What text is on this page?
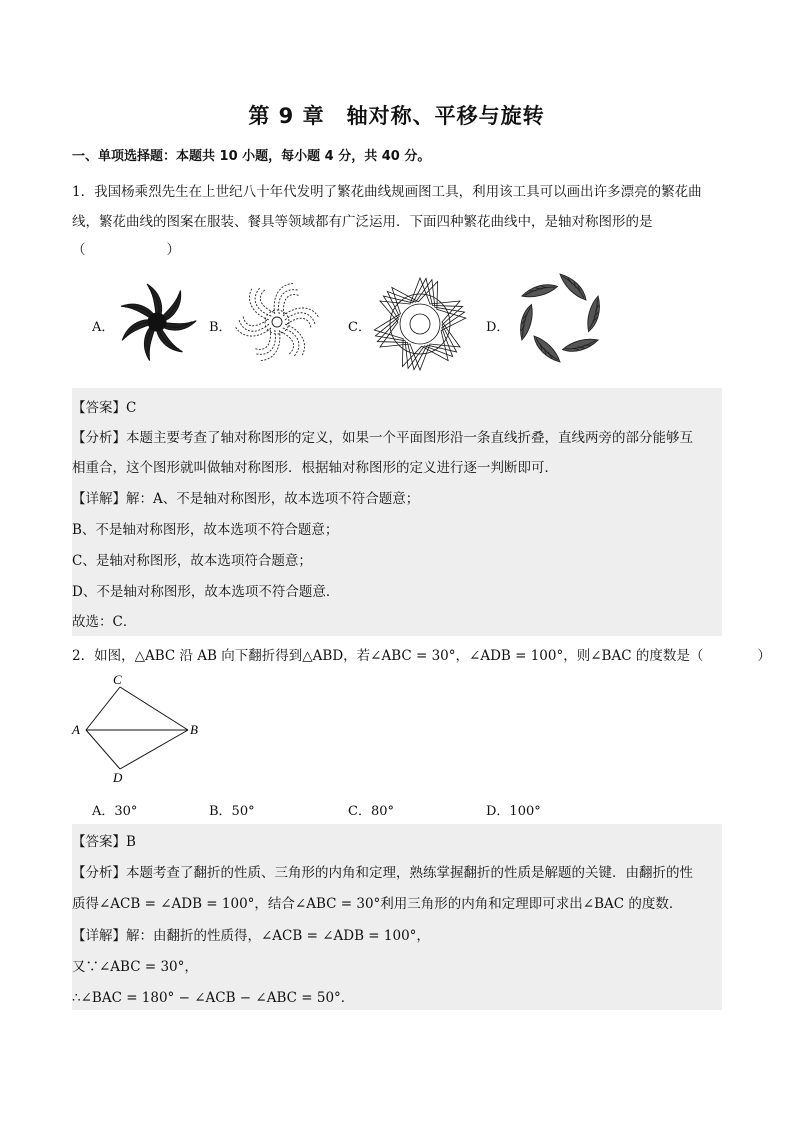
第 9 章 轴对称、平移与旋转
一、单项选择题：本题共 10 小题，每小题 4 分，共 40 分。
1．我国杨乘烈先生在上世纪八十年代发明了繁花曲线规画图工具，利用该工具可以画出许多漂亮的繁花曲
线，繁花曲线的图案在服装、餐具等领域都有广泛运用．下面四种繁花曲线中，是轴对称图形的是
（　　　　　　）
A．	B．	C．	D．
【答案】C
【分析】本题主要考查了轴对称图形的定义，如果一个平面图形沿一条直线折叠，直线两旁的部分能够互
相重合，这个图形就叫做轴对称图形．根据轴对称图形的定义进行逐一判断即可．
【详解】解：A、不是轴对称图形，故本选项不符合题意；
B、不是轴对称图形，故本选项不符合题意；
C、是轴对称图形，故本选项符合题意；
D、不是轴对称图形，故本选项不符合题意．
故选：C．
2．如图，△ABC 沿 AB 向下翻折得到△ABD，若∠ABC = 30°，∠ADB = 100°，则∠BAC 的度数是（　　　　）
C
A	B
D
A．30°	B．50°	C．80°	D．100°
【答案】B
【分析】本题考查了翻折的性质、三角形的内角和定理，熟练掌握翻折的性质是解题的关键．由翻折的性
质得∠ACB = ∠ADB = 100°，结合∠ABC = 30°利用三角形的内角和定理即可求出∠BAC 的度数．
【详解】解：由翻折的性质得，∠ACB = ∠ADB = 100°，
又∵∠ABC = 30°，
∴∠BAC = 180° − ∠ACB − ∠ABC = 50°．
